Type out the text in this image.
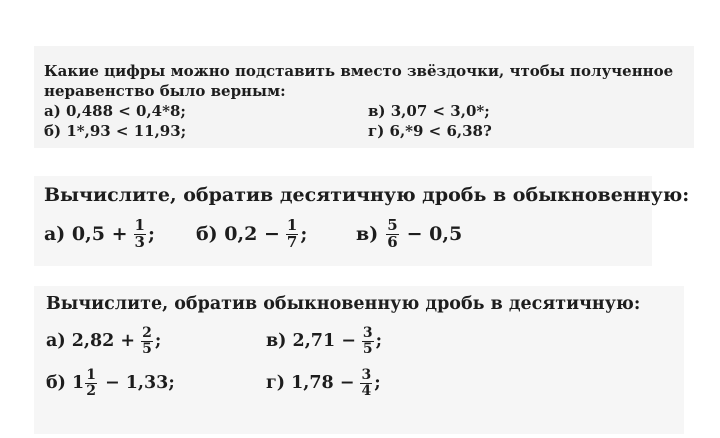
Какие цифры можно подставить вместо звёздочки, чтобы полученное
неравенство было верным:
а) 0,488 < 0,4*8;	в) 3,07 < 3,0*;
б) 1*,93 < 11,93;	г) 6,*9 < 6,38?
Вычислите, обратив десятичную дробь в обыкновенную:
а) $0,5 + \frac{1}{3}$ ; б) $0,2 - \frac{1}{7}$ ;	$в) \frac{5}{6} - 0,5$
Вычислите, обратив обыкновенную дробь в десятичную:
а) $2,82 + \frac{2}{5}$ ;	в) $2,71 - \frac{3}{5}$ ;
б) $1 \frac{1}{2} - 1,33$;	г) $1,78 - \frac{3}{4}$ ;
